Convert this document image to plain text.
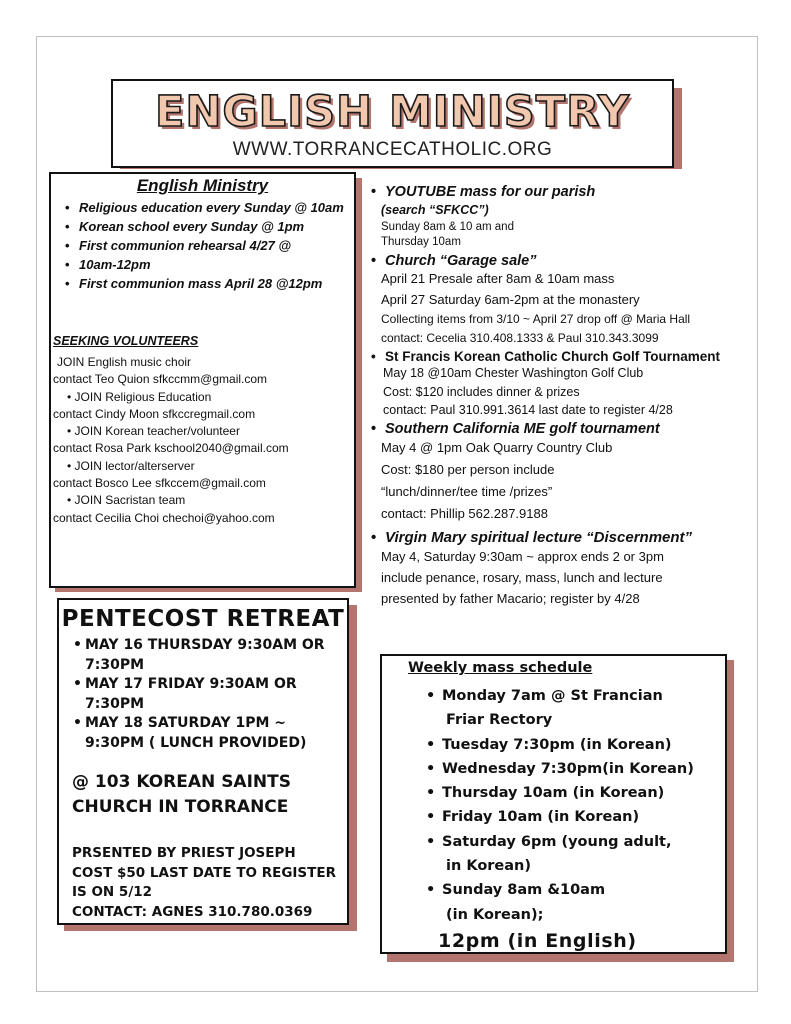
ENGLISH MINISTRY
WWW.TORRANCECATHOLIC.ORG
English Ministry
• Religious education every Sunday @ 10am
• Korean school every Sunday @ 1pm
• First communion rehearsal 4/27 @
• 10am-12pm
• First communion mass April 28 @12pm
SEEKING VOLUNTEERS
JOIN English music choir
contact Teo Quion sfkccmm@gmail.com
• JOIN Religious Education
contact Cindy Moon sfkccregmail.com
• JOIN Korean teacher/volunteer
contact Rosa Park kschool2040@gmail.com
• JOIN lector/alterserver
contact Bosco Lee sfkccem@gmail.com
• JOIN Sacristan team
contact Cecilia Choi chechoi@yahoo.com
• YOUTUBE mass for our parish
(search “SFKCC”)
Sunday 8am & 10 am and
Thursday 10am
• Church “Garage sale”
April 21 Presale after 8am & 10am mass
April 27 Saturday 6am-2pm at the monastery
Collecting items from 3/10 ~ April 27 drop off @ Maria Hall
contact: Cecelia 310.408.1333 & Paul 310.343.3099
• St Francis Korean Catholic Church Golf Tournament
May 18 @10am Chester Washington Golf Club
Cost: $120 includes dinner & prizes
contact: Paul 310.991.3614 last date to register 4/28
• Southern California ME golf tournament
May 4 @ 1pm Oak Quarry Country Club
Cost: $180 per person include
“lunch/dinner/tee time /prizes”
contact: Phillip 562.287.9188
• Virgin Mary spiritual lecture “Discernment”
May 4, Saturday 9:30am ~ approx ends 2 or 3pm
include penance, rosary, mass, lunch and lecture
presented by father Macario; register by 4/28
PENTECOST RETREAT
• MAY 16 THURSDAY 9:30AM OR 7:30PM
• MAY 17 FRIDAY 9:30AM OR 7:30PM
• MAY 18 SATURDAY 1PM ~ 9:30PM ( LUNCH PROVIDED)
@ 103 KOREAN SAINTS
CHURCH IN TORRANCE
PRSENTED BY PRIEST JOSEPH
COST $50 LAST DATE TO REGISTER
IS ON 5/12
CONTACT: AGNES 310.780.0369
Weekly mass schedule
• Monday 7am @ St Francian
Friar Rectory
• Tuesday 7:30pm (in Korean)
• Wednesday 7:30pm(in Korean)
• Thursday 10am (in Korean)
• Friday 10am (in Korean)
• Saturday 6pm (young adult,
in Korean)
• Sunday 8am &10am
(in Korean);
12pm (in English)
